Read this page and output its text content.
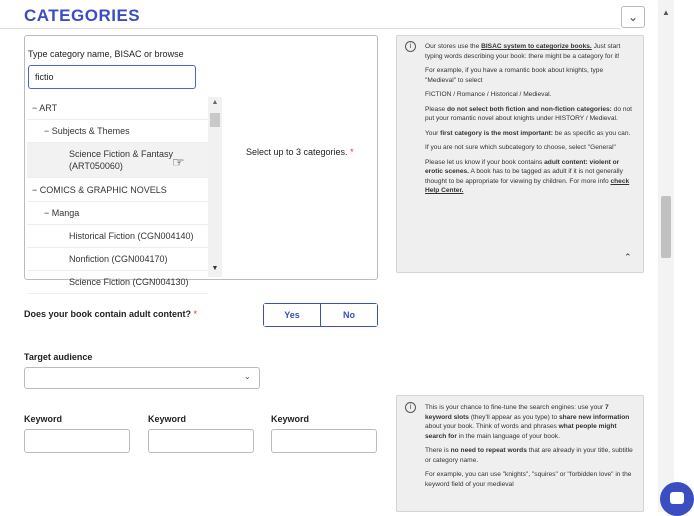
CATEGORIES	⌄	▲
Type category name, BISAC or browse
fictio
− ART
− Subjects & Themes
Science Fiction & Fantasy
(ART050060)
− COMICS & GRAPHIC NOVELS
− Manga
Historical Fiction (CGN004140)
Nonfiction (CGN004170)
Science Fiction (CGN004130)
▲
▼
☞
Select up to 3 categories. *
i	Our stores use the BISAC system to categorize books. Just start typing words describing your book: there might be a category for it!

For example, if you have a romantic book about knights, type "Medieval" to select

FICTION / Romance / Historical / Medieval.

Please do not select both fiction and non-fiction categories: do not put your romantic novel about knights under HISTORY / Medieval.

Your first category is the most important: be as specific as you can.

If you are not sure which subcategory to choose, select "General"

Please let us know if your book contains adult content: violent or erotic scenes. A book has to be tagged as adult if it is not generally thought to be appropriate for viewing by children. For more info check Help Center.

⌃
Does your book contain adult content? *	Yes	No
Target audience
⌄
Keyword	Keyword	Keyword
i	This is your chance to fine-tune the search engines: use your 7 keyword slots (they'll appear as you type) to share new information about your book. Think of words and phrases what people might search for in the main language of your book.

There is no need to repeat words that are already in your title, subtitle or category name.

For example, you can use "knights", "squires" or "forbidden love" in the keyword field of your medieval
